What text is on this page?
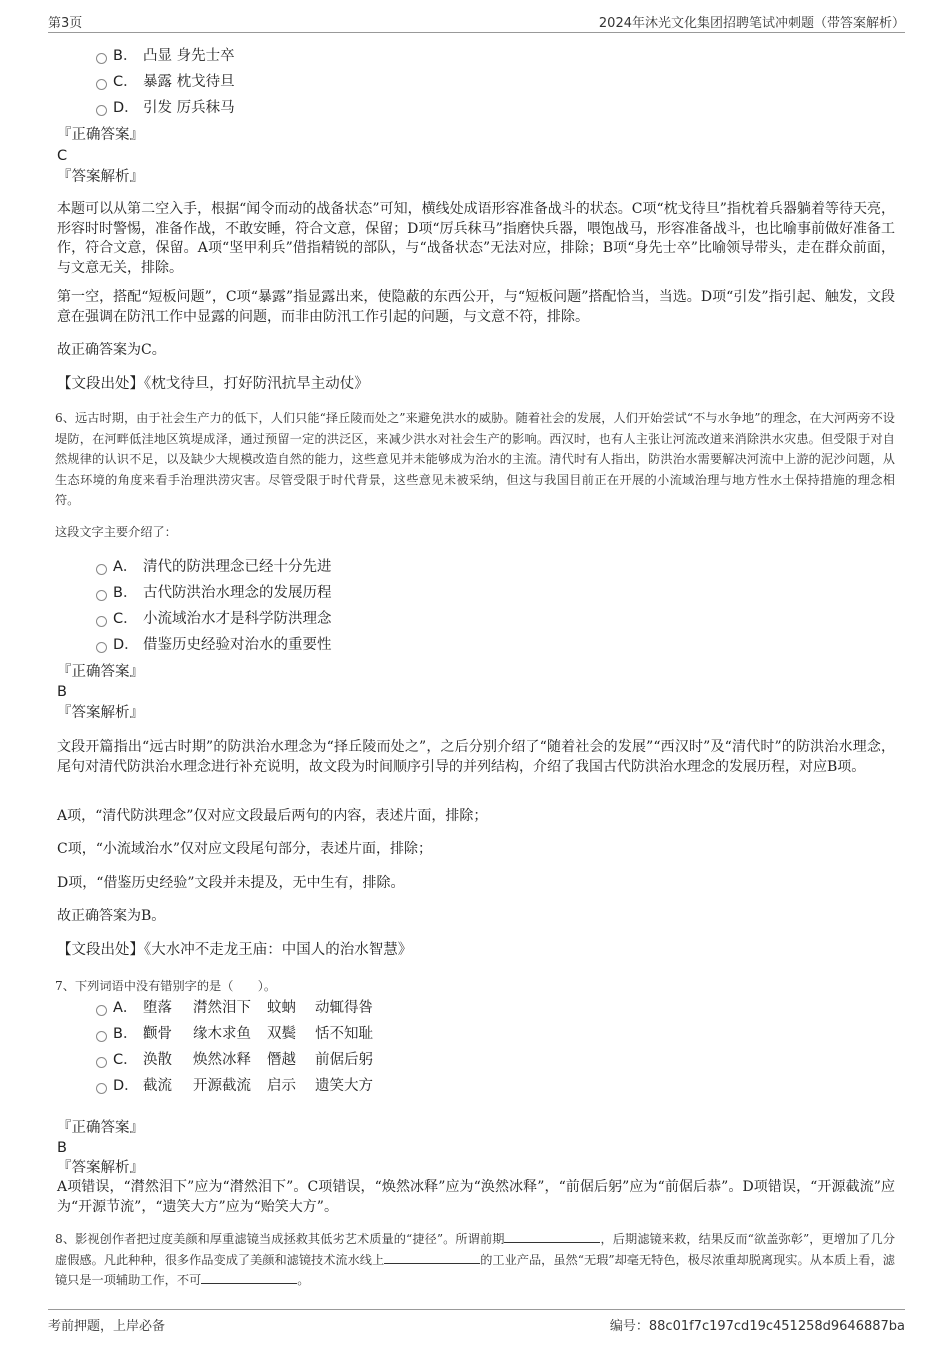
第3页	2024年沐光文化集团招聘笔试冲刺题（带答案解析）
B． 凸显 身先士卒
C． 暴露 枕戈待旦
D． 引发 厉兵秣马
『正确答案』
C
『答案解析』
本题可以从第二空入手，根据“闻令而动的战备状态”可知，横线处成语形容准备战斗的状态。C项“枕戈待旦”指枕着兵器躺着等待天亮，形容时时警惕，准备作战，不敢安睡，符合文意，保留；D项“厉兵秣马”指磨快兵器，喂饱战马，形容准备战斗，也比喻事前做好准备工作，符合文意，保留。A项“坚甲利兵”借指精锐的部队，与“战备状态”无法对应，排除；B项“身先士卒”比喻领导带头，走在群众前面，与文意无关，排除。
第一空，搭配“短板问题”，C项“暴露”指显露出来，使隐蔽的东西公开，与“短板问题”搭配恰当，当选。D项“引发”指引起、触发，文段意在强调在防汛工作中显露的问题，而非由防汛工作引起的问题，与文意不符，排除。
故正确答案为C。
【文段出处】《枕戈待旦，打好防汛抗旱主动仗》
6、远古时期，由于社会生产力的低下，人们只能“择丘陵而处之”来避免洪水的威胁。随着社会的发展，人们开始尝试“不与水争地”的理念，在大河两旁不设堤防，在河畔低洼地区筑堤成泽，通过预留一定的洪泛区，来减少洪水对社会生产的影响。西汉时，也有人主张让河流改道来消除洪水灾患。但受限于对自然规律的认识不足，以及缺少大规模改造自然的能力，这些意见并未能够成为治水的主流。清代时有人指出，防洪治水需要解决河流中上游的泥沙问题，从生态环境的角度来看手治理洪涝灾害。尽管受限于时代背景，这些意见未被采纳，但这与我国目前正在开展的小流域治理与地方性水土保持措施的理念相符。
这段文字主要介绍了：
A． 清代的防洪理念已经十分先进
B． 古代防洪治水理念的发展历程
C． 小流域治水才是科学防洪理念
D． 借鉴历史经验对治水的重要性
『正确答案』
B
『答案解析』
文段开篇指出“远古时期”的防洪治水理念为“择丘陵而处之”，之后分别介绍了“随着社会的发展”“西汉时”及“清代时”的防洪治水理念，尾句对清代防洪治水理念进行补充说明，故文段为时间顺序引导的并列结构，介绍了我国古代防洪治水理念的发展历程，对应B项。
A项，“清代防洪理念”仅对应文段最后两句的内容，表述片面，排除；
C项，“小流域治水”仅对应文段尾句部分，表述片面，排除；
D项，“借鉴历史经验”文段并未提及，无中生有，排除。
故正确答案为B。
【文段出处】《大水冲不走龙王庙：中国人的治水智慧》
7、下列词语中没有错别字的是（　　）。
A． 堕落 潸然泪下 蚊蚋 动辄得咎
B． 颧骨 缘木求鱼 双鬓 恬不知耻
C． 涣散 焕然冰释 僭越 前倨后躬
D． 截流 开源截流 启示 遗笑大方
『正确答案』
B
『答案解析』
A项错误，“潸然泪下”应为“潸然泪下”。C项错误，“焕然冰释”应为“涣然冰释”，“前倨后躬”应为“前倨后恭”。D项错误，“开源截流”应为“开源节流”，“遗笑大方”应为“贻笑大方”。
8、影视创作者把过度美颜和厚重滤镜当成拯救其低劣艺术质量的“捷径”。所谓前期	，后期滤镜来救，结果反而“欲盖弥彰”，更增加了几分虚假感。凡此种种，很多作品变成了美颜和滤镜技术流水线上	的工业产品，虽然“无瑕”却毫无特色，极尽浓重却脱离现实。从本质上看，滤镜只是一项辅助工作，不可	。
考前押题，上岸必备	编号：88c01f7c197cd19c451258d9646887ba
